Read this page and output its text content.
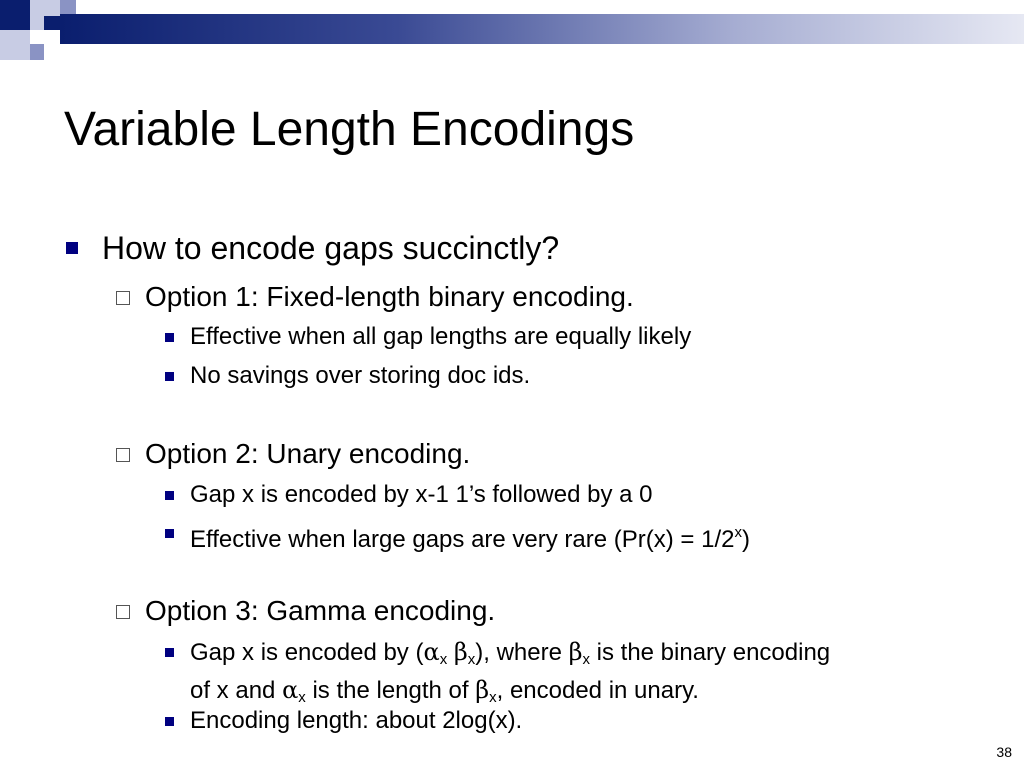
Variable Length Encodings
How to encode gaps succinctly?
Option 1: Fixed-length binary encoding.
Effective when all gap lengths are equally likely
No savings over storing doc ids.
Option 2: Unary encoding.
Gap x is encoded by x-1 1’s followed by a 0
Effective when large gaps are very rare $(Pr(x) = 1/2^x)$
Option 3: Gamma encoding.
Gap x is encoded by ($\alpha_x$ $\beta_x$), where $\beta_x$ is the binary encoding
of x and $\alpha_x$ is the length of $\beta_x$, encoded in unary.
Encoding length: about 2log(x).
38
